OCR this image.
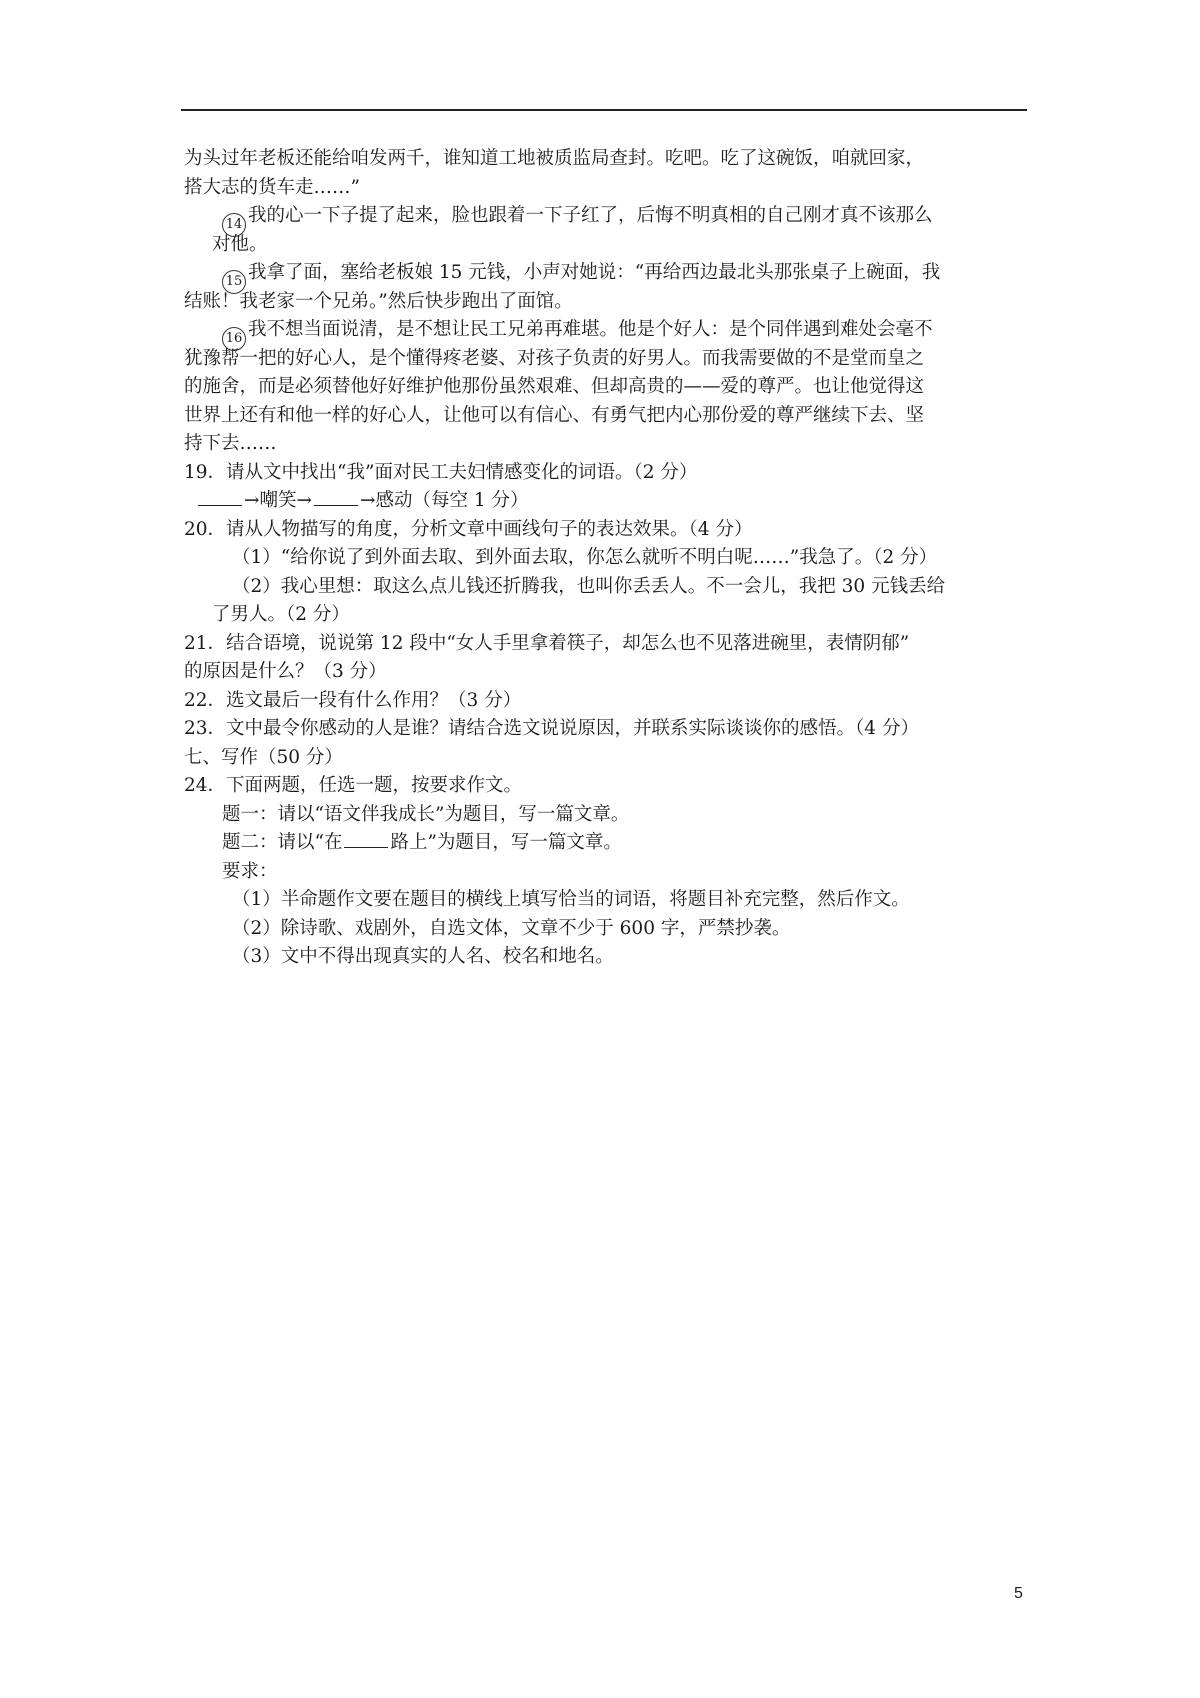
为头过年老板还能给咱发两千，谁知道工地被质监局查封。吃吧。吃了这碗饭，咱就回家，
搭大志的货车走……”
14 我的心一下子提了起来，脸也跟着一下子红了，后悔不明真相的自己刚才真不该那么
对他。
15 我拿了面，塞给老板娘 15 元钱，小声对她说：“再给西边最北头那张桌子上碗面，我
结账！我老家一个兄弟。”然后快步跑出了面馆。
16 我不想当面说清，是不想让民工兄弟再难堪。他是个好人：是个同伴遇到难处会毫不
犹豫帮一把的好心人，是个懂得疼老婆、对孩子负责的好男人。而我需要做的不是堂而皇之
的施舍，而是必须替他好好维护他那份虽然艰难、但却高贵的——爱的尊严。也让他觉得这
世界上还有和他一样的好心人，让他可以有信心、有勇气把内心那份爱的尊严继续下去、坚
持下去……
19．请从文中找出“我”面对民工夫妇情感变化的词语。（2 分）
→嘲笑→	→感动（每空 1 分）
20．请从人物描写的角度，分析文章中画线句子的表达效果。（4 分）
（1）“给你说了到外面去取、到外面去取，你怎么就听不明白呢……”我急了。（2 分）
（2）我心里想：取这么点儿钱还折腾我，也叫你丢丢人。不一会儿，我把 30 元钱丢给
了男人。（2 分）
21．结合语境，说说第 12 段中“女人手里拿着筷子，却怎么也不见落进碗里，表情阴郁”
的原因是什么？（3 分）
22．选文最后一段有什么作用？（3 分）
23．文中最令你感动的人是谁？请结合选文说说原因，并联系实际谈谈你的感悟。（4 分）
七、写作（50 分）
24．下面两题，任选一题，按要求作文。
题一：请以“语文伴我成长”为题目，写一篇文章。
题二：请以“在	路上”为题目，写一篇文章。
要求：
（1）半命题作文要在题目的横线上填写恰当的词语，将题目补充完整，然后作文。
（2）除诗歌、戏剧外，自选文体，文章不少于 600 字，严禁抄袭。
（3）文中不得出现真实的人名、校名和地名。
5
